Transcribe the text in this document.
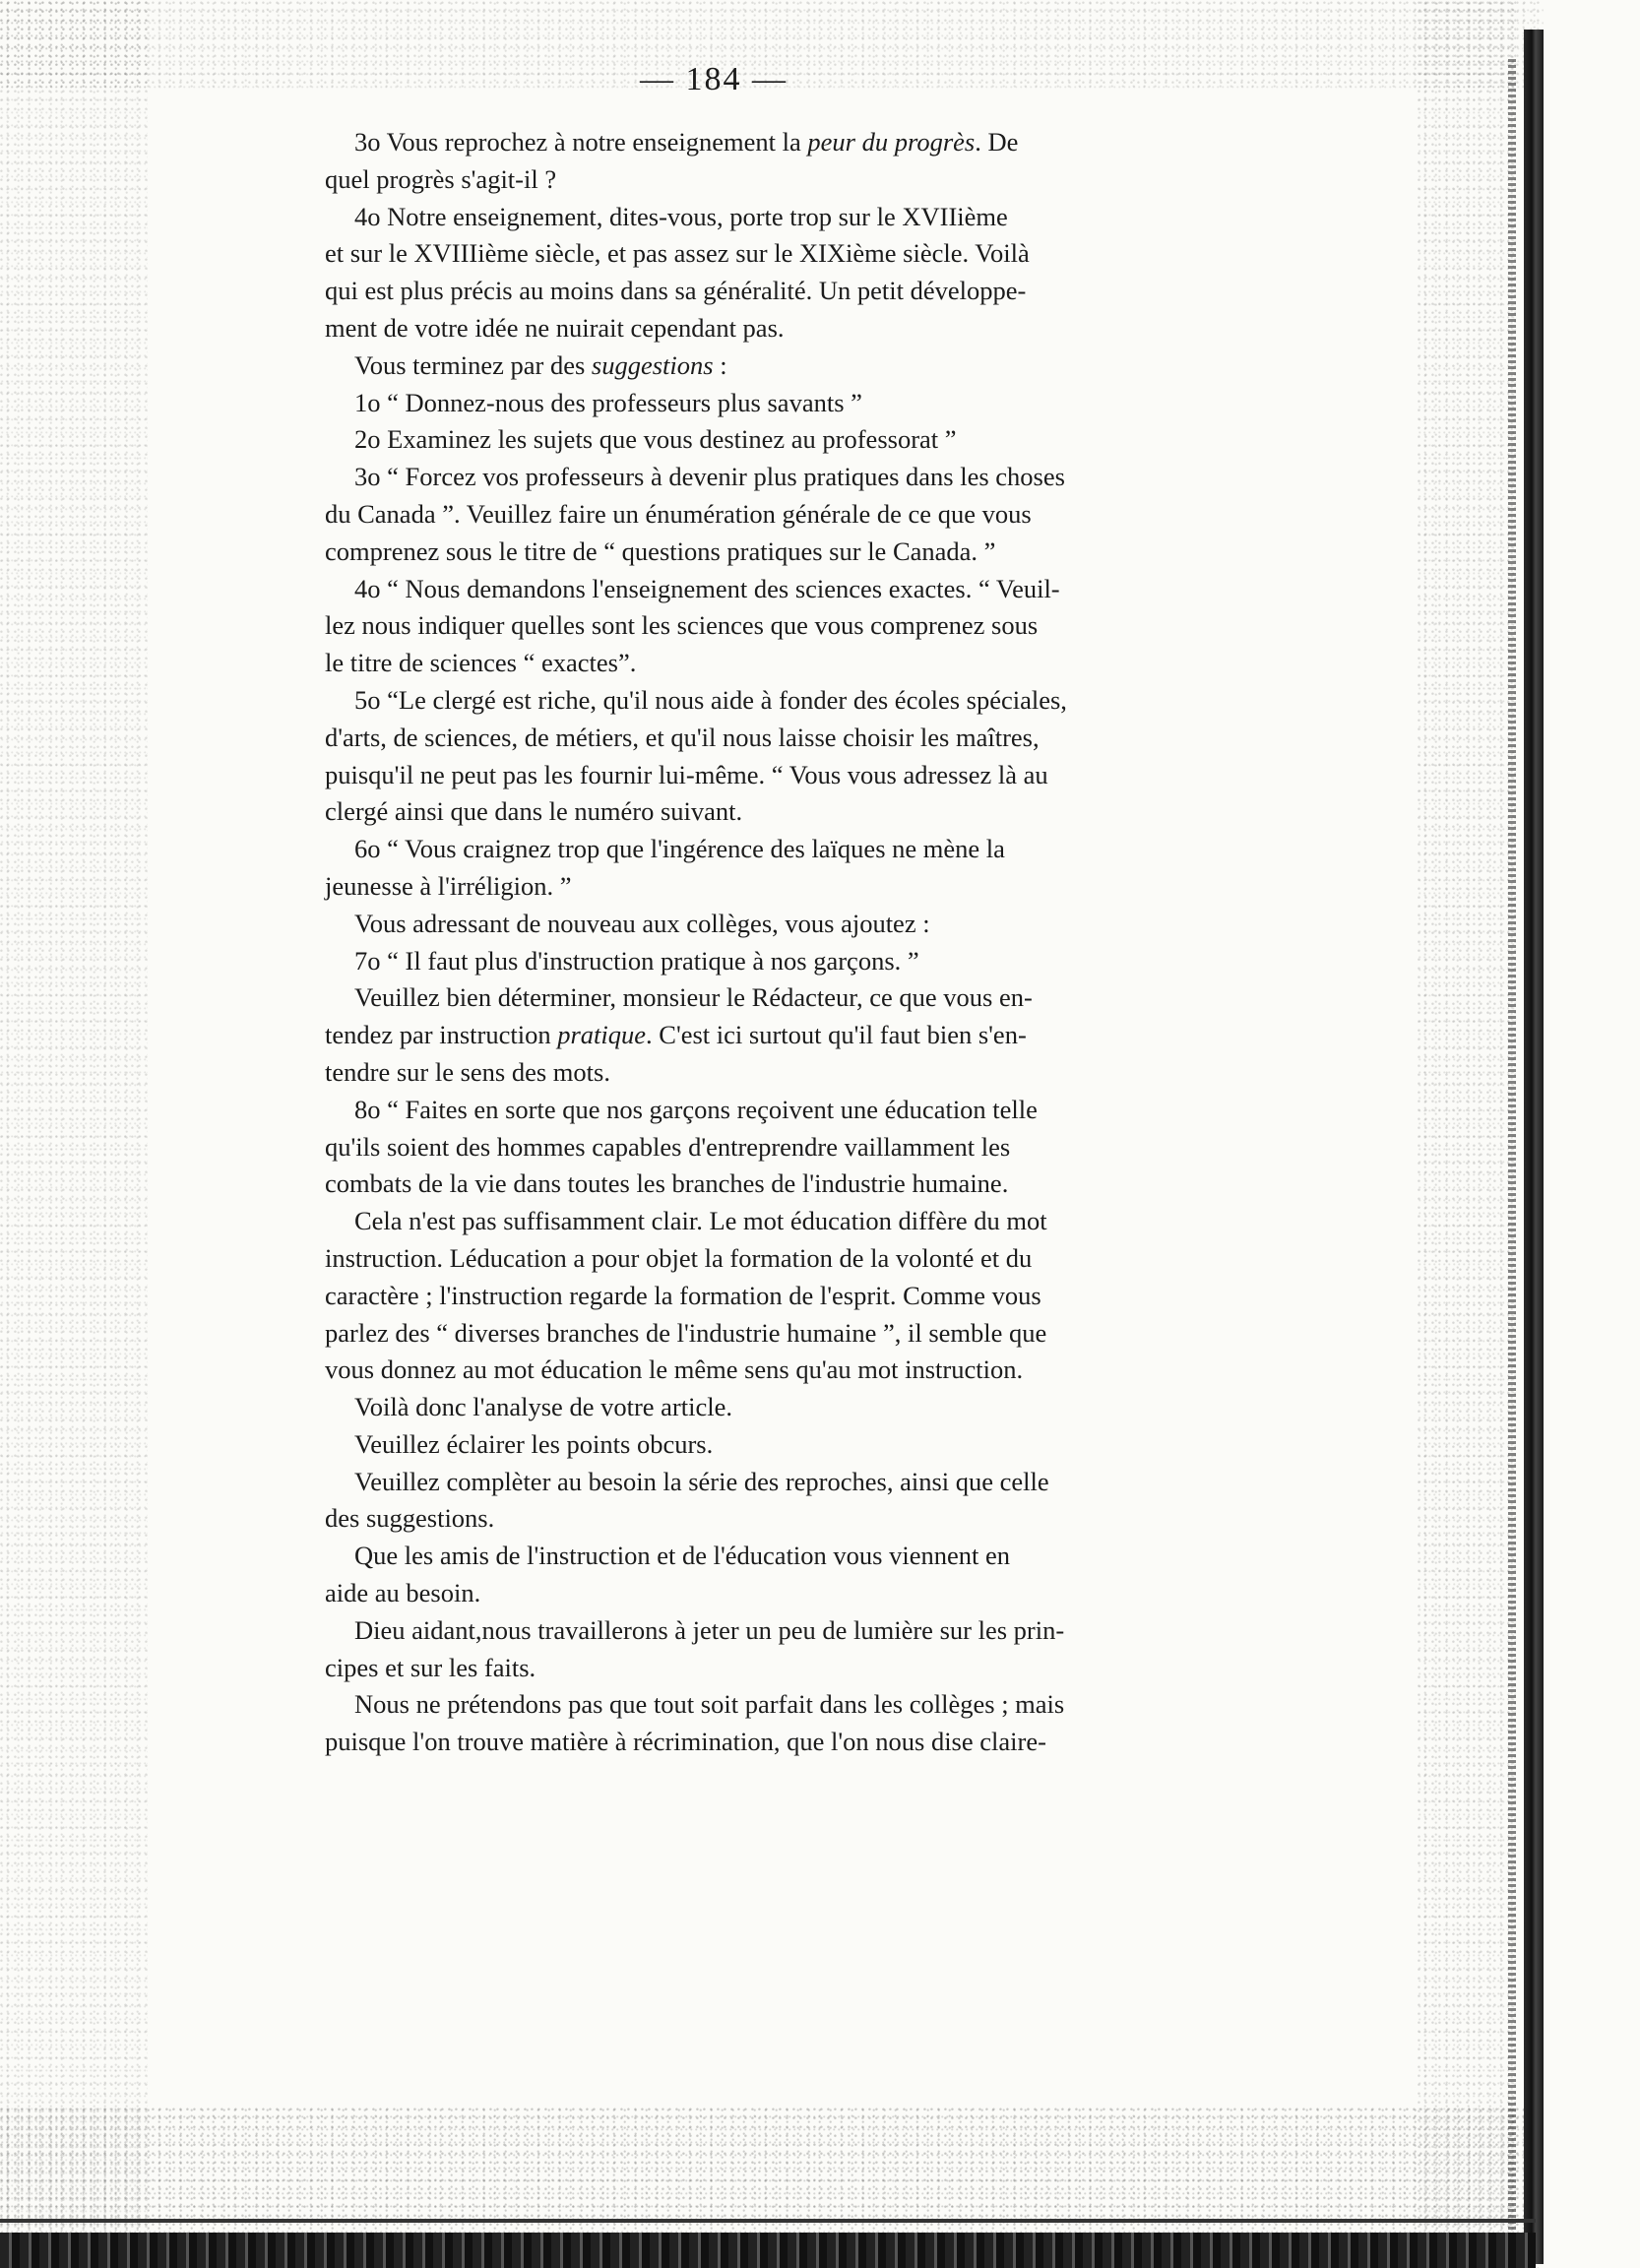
— 184 —
3o Vous reprochez à notre enseignement la peur du progrès. De
quel progrès s'agit-il ?
4o Notre enseignement, dites-vous, porte trop sur le XVIIième
et sur le XVIIIième siècle, et pas assez sur le XIXième siècle. Voilà
qui est plus précis au moins dans sa généralité. Un petit développe-
ment de votre idée ne nuirait cependant pas.
Vous terminez par des suggestions :
1o “ Donnez-nous des professeurs plus savants ”
2o Examinez les sujets que vous destinez au professorat ”
3o “ Forcez vos professeurs à devenir plus pratiques dans les choses
du Canada ”. Veuillez faire un énumération générale de ce que vous
comprenez sous le titre de “ questions pratiques sur le Canada. ”
4o “ Nous demandons l'enseignement des sciences exactes. “ Veuil-
lez nous indiquer quelles sont les sciences que vous comprenez sous
le titre de sciences “ exactes”.
5o “Le clergé est riche, qu'il nous aide à fonder des écoles spéciales,
d'arts, de sciences, de métiers, et qu'il nous laisse choisir les maîtres,
puisqu'il ne peut pas les fournir lui-même. “ Vous vous adressez là au
clergé ainsi que dans le numéro suivant.
6o “ Vous craignez trop que l'ingérence des laïques ne mène la
jeunesse à l'irréligion. ”
Vous adressant de nouveau aux collèges, vous ajoutez :
7o “ Il faut plus d'instruction pratique à nos garçons. ”
Veuillez bien déterminer, monsieur le Rédacteur, ce que vous en-
tendez par instruction pratique. C'est ici surtout qu'il faut bien s'en-
tendre sur le sens des mots.
8o “ Faites en sorte que nos garçons reçoivent une éducation telle
qu'ils soient des hommes capables d'entreprendre vaillamment les
combats de la vie dans toutes les branches de l'industrie humaine.
Cela n'est pas suffisamment clair. Le mot éducation diffère du mot
instruction. Léducation a pour objet la formation de la volonté et du
caractère ; l'instruction regarde la formation de l'esprit. Comme vous
parlez des “ diverses branches de l'industrie humaine ”, il semble que
vous donnez au mot éducation le même sens qu'au mot instruction.
Voilà donc l'analyse de votre article.
Veuillez éclairer les points obcurs.
Veuillez complèter au besoin la série des reproches, ainsi que celle
des suggestions.
Que les amis de l'instruction et de l'éducation vous viennent en
aide au besoin.
Dieu aidant,nous travaillerons à jeter un peu de lumière sur les prin-
cipes et sur les faits.
Nous ne prétendons pas que tout soit parfait dans les collèges ; mais
puisque l'on trouve matière à récrimination, que l'on nous dise claire-
